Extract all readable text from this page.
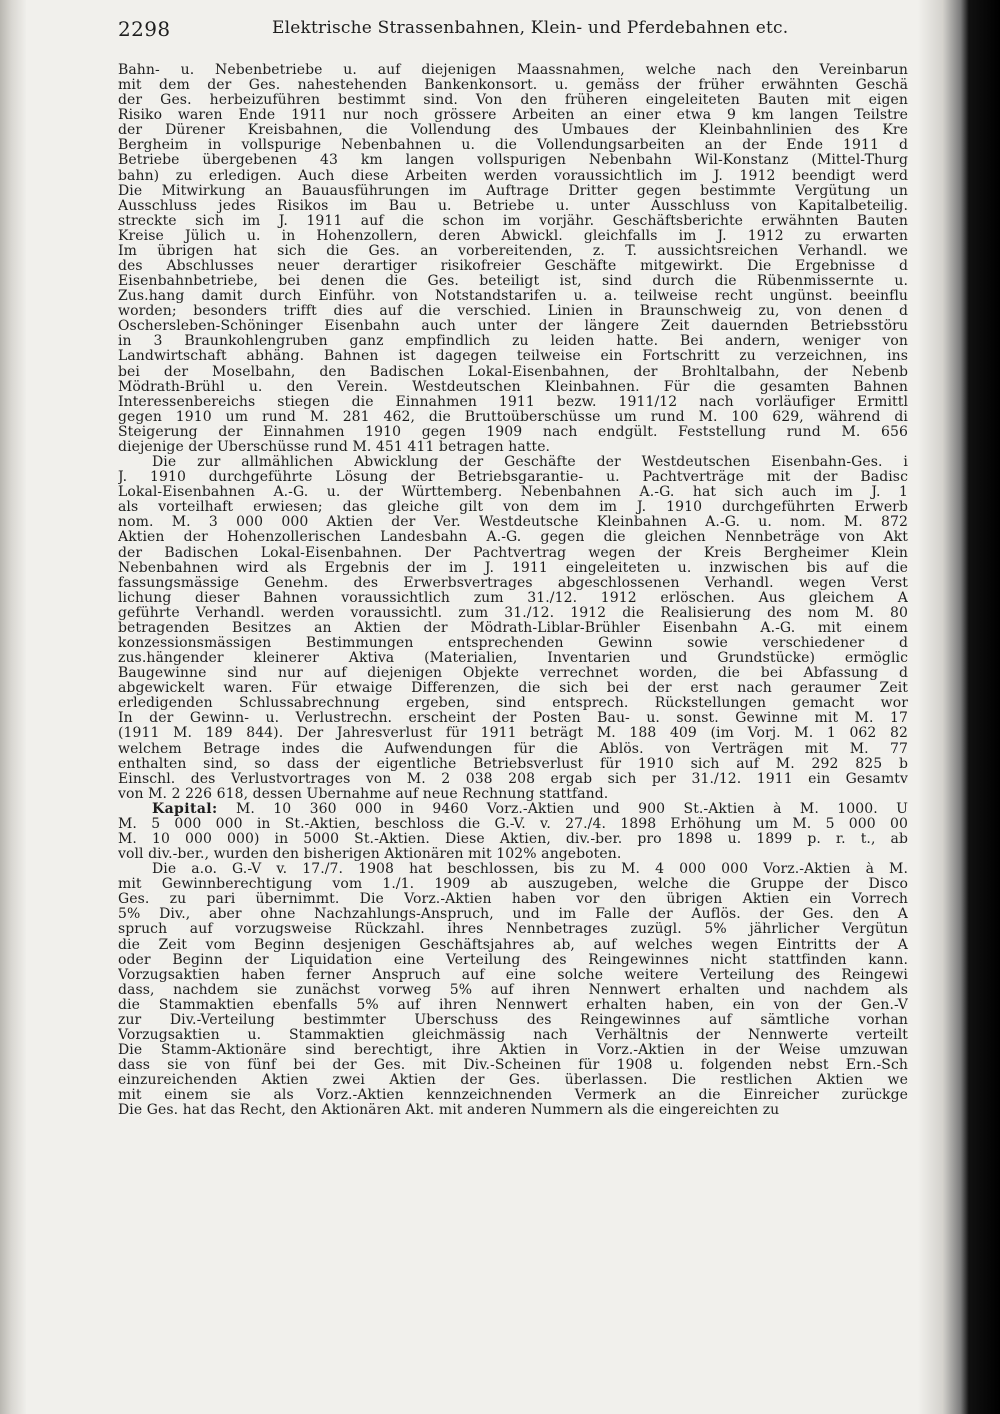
2298	Elektrische Strassenbahnen, Klein- und Pferdebahnen etc.
Bahn- u. Nebenbetriebe u. auf diejenigen Maassnahmen, welche nach den Vereinbarun
mit dem der Ges. nahestehenden Bankenkonsort. u. gemäss der früher erwähnten Geschä
der Ges. herbeizuführen bestimmt sind. Von den früheren eingeleiteten Bauten mit eigen
Risiko waren Ende 1911 nur noch grössere Arbeiten an einer etwa 9 km langen Teilstre
der Dürener Kreisbahnen, die Vollendung des Umbaues der Kleinbahnlinien des Kre
Bergheim in vollspurige Nebenbahnen u. die Vollendungsarbeiten an der Ende 1911 d
Betriebe übergebenen 43 km langen vollspurigen Nebenbahn Wil-Konstanz (Mittel-Thurg
bahn) zu erledigen. Auch diese Arbeiten werden voraussichtlich im J. 1912 beendigt werd
Die Mitwirkung an Bauausführungen im Auftrage Dritter gegen bestimmte Vergütung un
Ausschluss jedes Risikos im Bau u. Betriebe u. unter Ausschluss von Kapitalbeteilig.
streckte sich im J. 1911 auf die schon im vorjähr. Geschäftsberichte erwähnten Bauten
Kreise Jülich u. in Hohenzollern, deren Abwickl. gleichfalls im J. 1912 zu erwarten
Im übrigen hat sich die Ges. an vorbereitenden, z. T. aussichtsreichen Verhandl. we
des Abschlusses neuer derartiger risikofreier Geschäfte mitgewirkt. Die Ergebnisse d
Eisenbahnbetriebe, bei denen die Ges. beteiligt ist, sind durch die Rübenmissernte u.
Zus.hang damit durch Einführ. von Notstandstarifen u. a. teilweise recht ungünst. beeinflu
worden; besonders trifft dies auf die verschied. Linien in Braunschweig zu, von denen d
Oschersleben-Schöninger Eisenbahn auch unter der längere Zeit dauernden Betriebsstöru
in 3 Braunkohlengruben ganz empfindlich zu leiden hatte. Bei andern, weniger von
Landwirtschaft abhäng. Bahnen ist dagegen teilweise ein Fortschritt zu verzeichnen, ins
bei der Moselbahn, den Badischen Lokal-Eisenbahnen, der Brohltalbahn, der Nebenb
Mödrath-Brühl u. den Verein. Westdeutschen Kleinbahnen. Für die gesamten Bahnen
Interessenbereichs stiegen die Einnahmen 1911 bezw. 1911/12 nach vorläufiger Ermittl
gegen 1910 um rund M. 281 462, die Bruttoüberschüsse um rund M. 100 629, während di
Steigerung der Einnahmen 1910 gegen 1909 nach endgült. Feststellung rund M. 656
diejenige der Überschüsse rund M. 451 411 betragen hatte.
Die zur allmählichen Abwicklung der Geschäfte der Westdeutschen Eisenbahn-Ges. i
J. 1910 durchgeführte Lösung der Betriebsgarantie- u. Pachtverträge mit der Badisc
Lokal-Eisenbahnen A.-G. u. der Württemberg. Nebenbahnen A.-G. hat sich auch im J. 1
als vorteilhaft erwiesen; das gleiche gilt von dem im J. 1910 durchgeführten Erwerb
nom. M. 3 000 000 Aktien der Ver. Westdeutsche Kleinbahnen A.-G. u. nom. M. 872
Aktien der Hohenzollerischen Landesbahn A.-G. gegen die gleichen Nennbeträge von Akt
der Badischen Lokal-Eisenbahnen. Der Pachtvertrag wegen der Kreis Bergheimer Klein
Nebenbahnen wird als Ergebnis der im J. 1911 eingeleiteten u. inzwischen bis auf die
fassungsmässige Genehm. des Erwerbsvertrages abgeschlossenen Verhandl. wegen Verst
lichung dieser Bahnen voraussichtlich zum 31./12. 1912 erlöschen. Aus gleichem A
geführte Verhandl. werden voraussichtl. zum 31./12. 1912 die Realisierung des nom M. 80
betragenden Besitzes an Aktien der Mödrath-Liblar-Brühler Eisenbahn A.-G. mit einem
konzessionsmässigen Bestimmungen entsprechenden Gewinn sowie verschiedener d
zus.hängender kleinerer Aktiva (Materialien, Inventarien und Grundstücke) ermöglic
Baugewinne sind nur auf diejenigen Objekte verrechnet worden, die bei Abfassung d
abgewickelt waren. Für etwaige Differenzen, die sich bei der erst nach geraumer Zeit
erledigenden Schlussabrechnung ergeben, sind entsprech. Rückstellungen gemacht wor
In der Gewinn- u. Verlustrechn. erscheint der Posten Bau- u. sonst. Gewinne mit M. 17
(1911 M. 189 844). Der Jahresverlust für 1911 beträgt M. 188 409 (im Vorj. M. 1 062 82
welchem Betrage indes die Aufwendungen für die Ablös. von Verträgen mit M. 77
enthalten sind, so dass der eigentliche Betriebsverlust für 1910 sich auf M. 292 825 b
Einschl. des Verlustvortrages von M. 2 038 208 ergab sich per 31./12. 1911 ein Gesamtv
von M. 2 226 618, dessen Übernahme auf neue Rechnung stattfand.
Kapital: M. 10 360 000 in 9460 Vorz.-Aktien und 900 St.-Aktien à M. 1000. U
M. 5 000 000 in St.-Aktien, beschloss die G.-V. v. 27./4. 1898 Erhöhung um M. 5 000 00
M. 10 000 000) in 5000 St.-Aktien. Diese Aktien, div.-ber. pro 1898 u. 1899 p. r. t., ab
voll div.-ber., wurden den bisherigen Aktionären mit 102% angeboten.
Die a.o. G.-V v. 17./7. 1908 hat beschlossen, bis zu M. 4 000 000 Vorz.-Aktien à M.
mit Gewinnberechtigung vom 1./1. 1909 ab auszugeben, welche die Gruppe der Disco
Ges. zu pari übernimmt. Die Vorz.-Aktien haben vor den übrigen Aktien ein Vorrech
5% Div., aber ohne Nachzahlungs-Anspruch, und im Falle der Auflös. der Ges. den A
spruch auf vorzugsweise Rückzahl. ihres Nennbetrages zuzügl. 5% jährlicher Vergütun
die Zeit vom Beginn desjenigen Geschäftsjahres ab, auf welches wegen Eintritts der A
oder Beginn der Liquidation eine Verteilung des Reingewinnes nicht stattfinden kann.
Vorzugsaktien haben ferner Anspruch auf eine solche weitere Verteilung des Reingewi
dass, nachdem sie zunächst vorweg 5% auf ihren Nennwert erhalten und nachdem als
die Stammaktien ebenfalls 5% auf ihren Nennwert erhalten haben, ein von der Gen.-V
zur Div.-Verteilung bestimmter Überschuss des Reingewinnes auf sämtliche vorhan
Vorzugsaktien u. Stammaktien gleichmässig nach Verhältnis der Nennwerte verteilt
Die Stamm-Aktionäre sind berechtigt, ihre Aktien in Vorz.-Aktien in der Weise umzuwan
dass sie von fünf bei der Ges. mit Div.-Scheinen für 1908 u. folgenden nebst Ern.-Sch
einzureichenden Aktien zwei Aktien der Ges. überlassen. Die restlichen Aktien we
mit einem sie als Vorz.-Aktien kennzeichnenden Vermerk an die Einreicher zurückge
Die Ges. hat das Recht, den Aktionären Akt. mit anderen Nummern als die eingereichten zu
